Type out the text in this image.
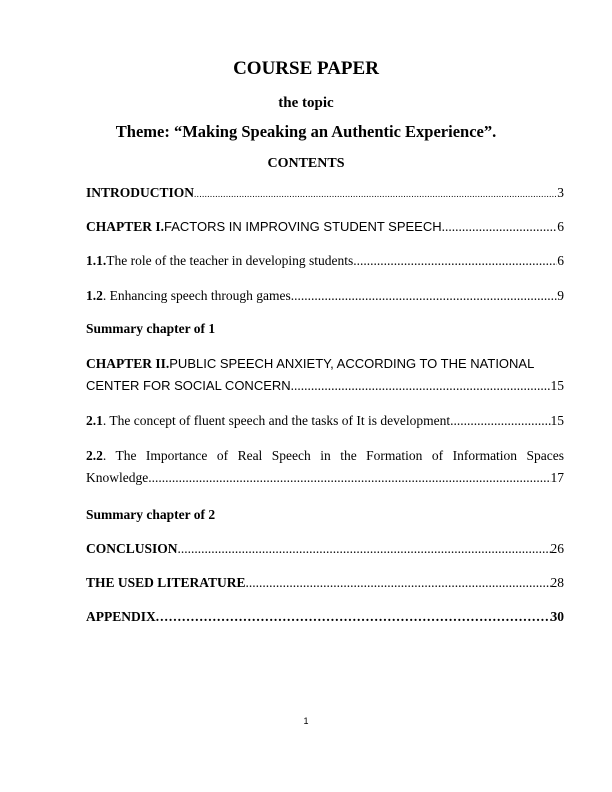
COURSE PAPER
the topic
Theme: “Making Speaking an Authentic Experience”.
CONTENTS
INTRODUCTION .....	3
CHAPTER I. FACTORS IN IMPROVING STUDENT SPEECH .....	6
1.1. The role of the teacher in developing students .....	6
1.2 . Enhancing speech through games .....	9
Summary chapter of 1
CHAPTER II. PUBLIC SPEECH ANXIETY, ACCORDING TO THE NATIONAL
CENTER FOR SOCIAL CONCERN .....	15
2.1 . The concept of fluent speech and the tasks of It is development .....	15
2.2. The Importance of Real Speech in the Formation of Information Spaces
Knowledge .....	17
Summary chapter of 2
CONCLUSION .....	26
THE USED LITERATURE .....	28
APPENDIX .....	30
1
